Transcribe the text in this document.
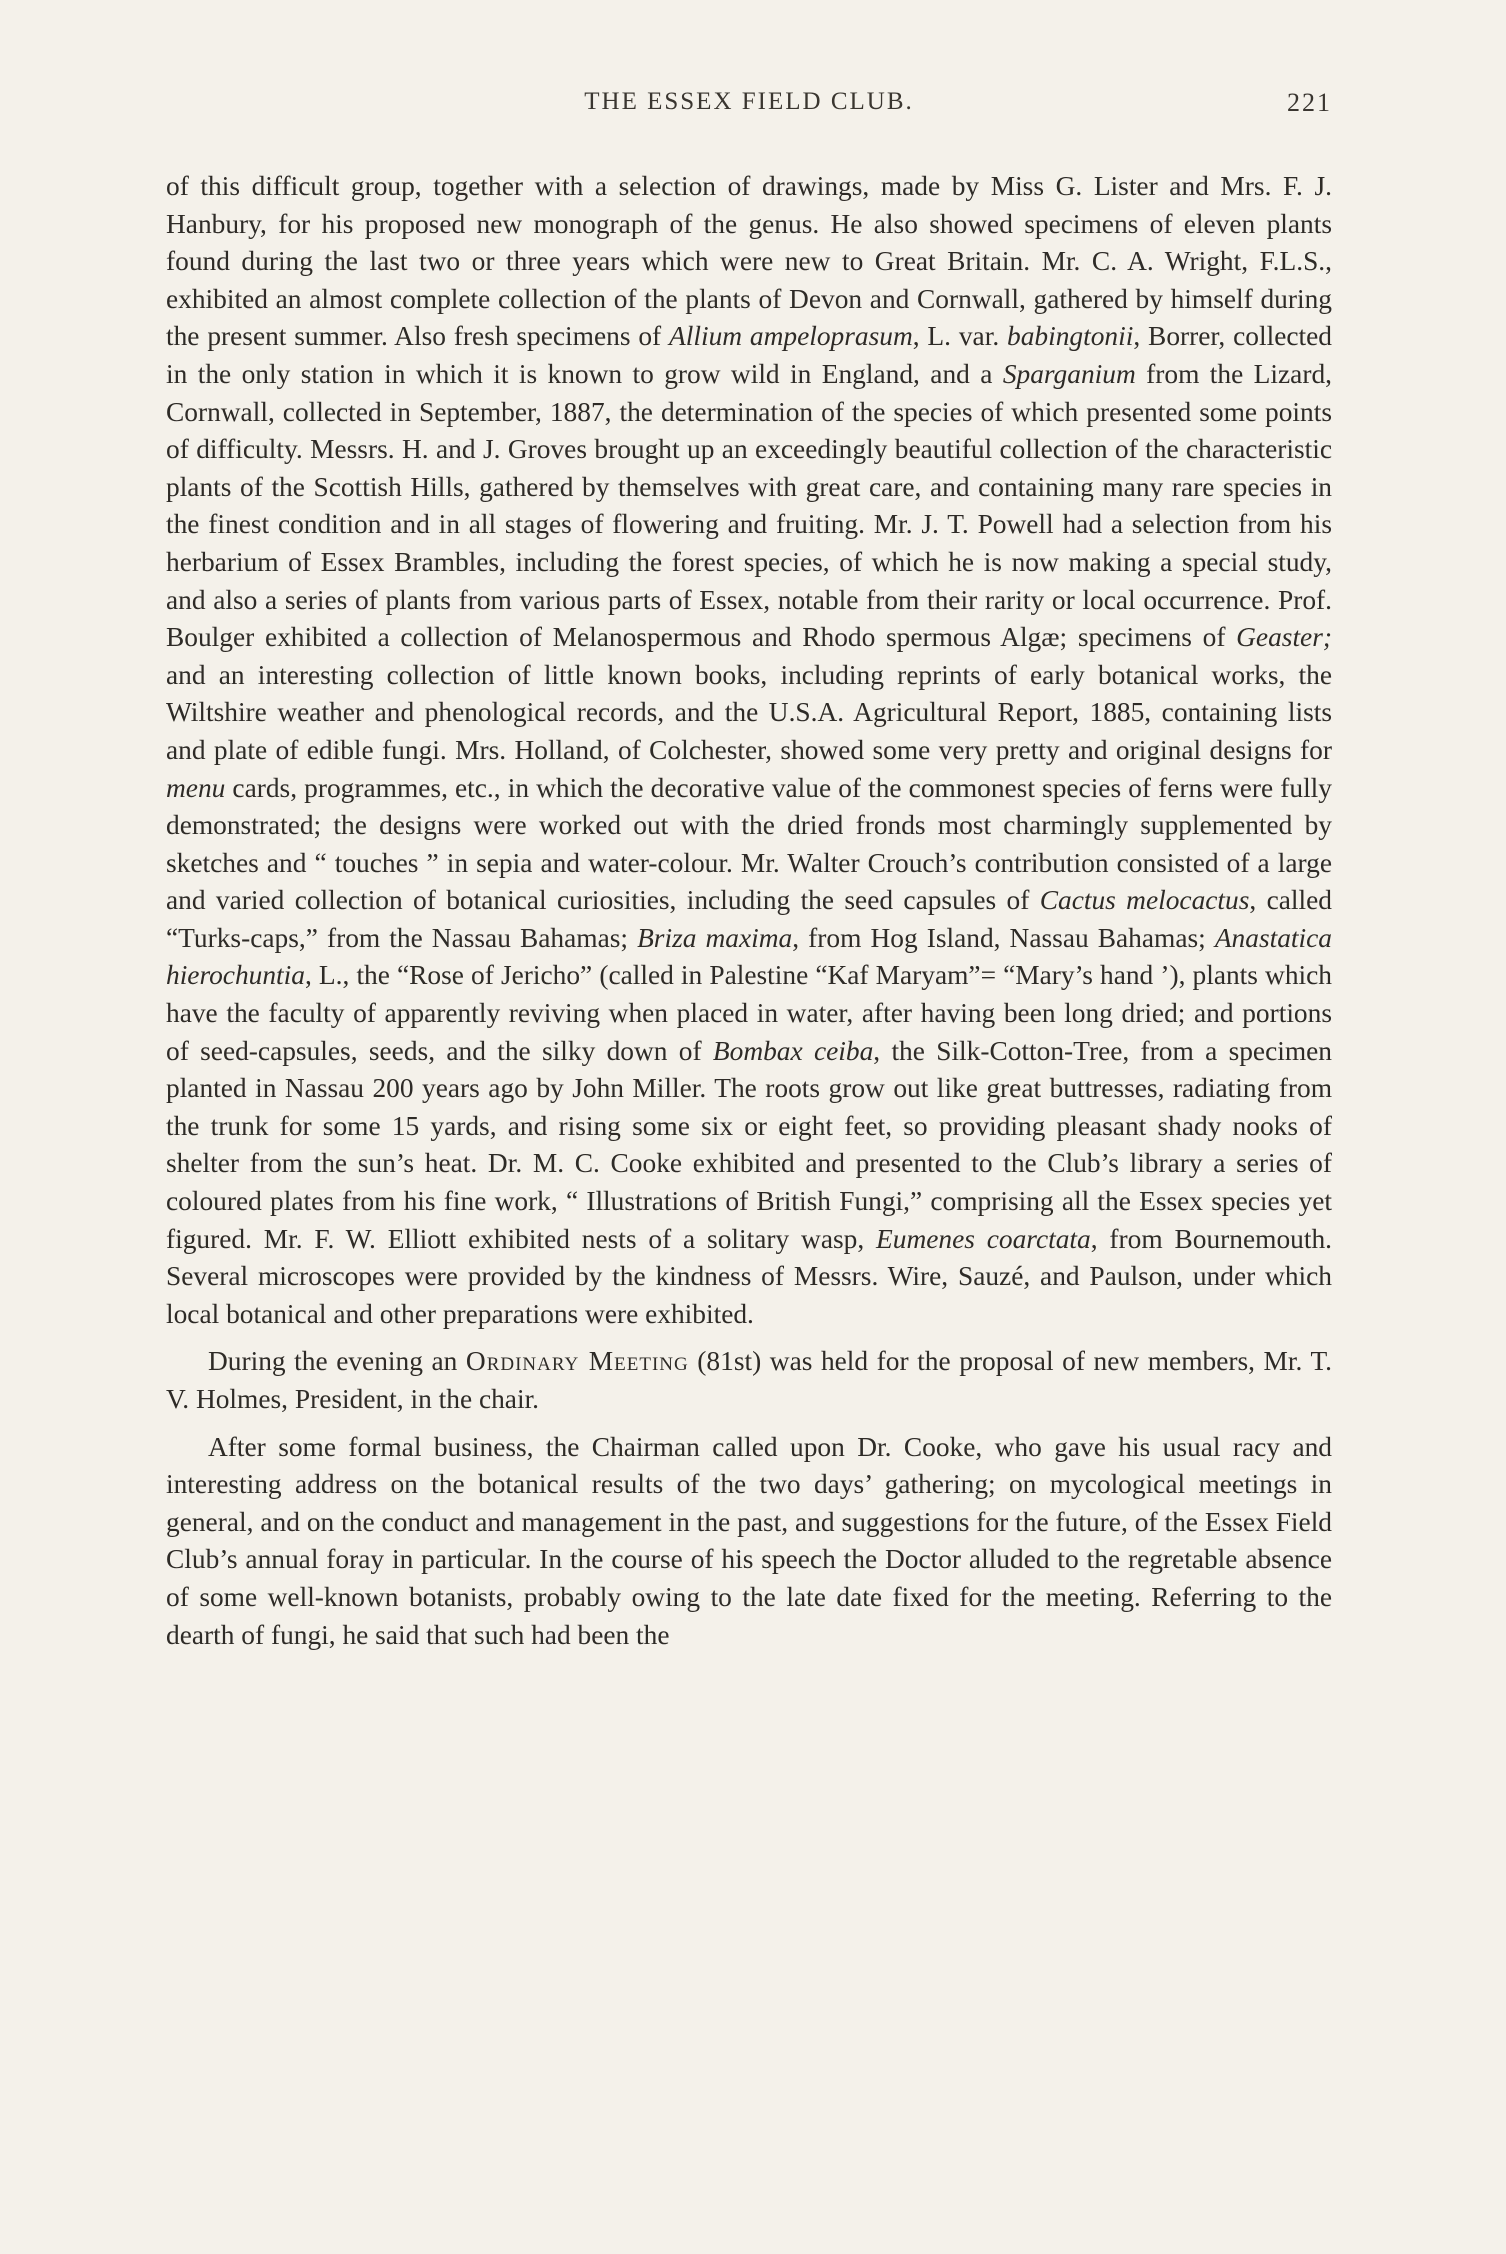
THE ESSEX FIELD CLUB.	221

of this difficult group, together with a selection of drawings, made by Miss G. Lister and Mrs. F. J. Hanbury, for his proposed new monograph of the genus. He also showed specimens of eleven plants found during the last two or three years which were new to Great Britain. Mr. C. A. Wright, F.L.S., exhibited an almost complete collection of the plants of Devon and Cornwall, gathered by himself during the present summer. Also fresh specimens of Allium ampeloprasum, L. var. babingtonii, Borrer, collected in the only station in which it is known to grow wild in England, and a Sparganium from the Lizard, Cornwall, collected in September, 1887, the determination of the species of which presented some points of difficulty. Messrs. H. and J. Groves brought up an exceedingly beautiful collection of the characteristic plants of the Scottish Hills, gathered by themselves with great care, and containing many rare species in the finest condition and in all stages of flowering and fruiting. Mr. J. T. Powell had a selection from his herbarium of Essex Brambles, including the forest species, of which he is now making a special study, and also a series of plants from various parts of Essex, notable from their rarity or local occurrence. Prof. Boulger exhibited a collection of Melanospermous and Rhodo spermous Algæ; specimens of Geaster; and an interesting collection of little known books, including reprints of early botanical works, the Wiltshire weather and phenological records, and the U.S.A. Agricultural Report, 1885, containing lists and plate of edible fungi. Mrs. Holland, of Colchester, showed some very pretty and original designs for menu cards, programmes, etc., in which the decorative value of the commonest species of ferns were fully demonstrated; the designs were worked out with the dried fronds most charmingly supplemented by sketches and “ touches ” in sepia and water-colour. Mr. Walter Crouch’s contribution consisted of a large and varied collection of botanical curiosities, including the seed capsules of Cactus melocactus, called “Turks-caps,” from the Nassau Bahamas; Briza maxima, from Hog Island, Nassau Bahamas; Anastatica hierochuntia, L., the “Rose of Jericho” (called in Palestine “Kaf Maryam”= “Mary’s hand ’), plants which have the faculty of apparently reviving when placed in water, after having been long dried; and portions of seed-capsules, seeds, and the silky down of Bombax ceiba, the Silk-Cotton-Tree, from a specimen planted in Nassau 200 years ago by John Miller. The roots grow out like great buttresses, radiating from the trunk for some 15 yards, and rising some six or eight feet, so providing pleasant shady nooks of shelter from the sun’s heat. Dr. M. C. Cooke exhibited and presented to the Club’s library a series of coloured plates from his fine work, “ Illustrations of British Fungi,” comprising all the Essex species yet figured. Mr. F. W. Elliott exhibited nests of a solitary wasp, Eumenes coarctata, from Bournemouth. Several microscopes were provided by the kindness of Messrs. Wire, Sauzé, and Paulson, under which local botanical and other preparations were exhibited.

During the evening an Ordinary Meeting (81st) was held for the proposal of new members, Mr. T. V. Holmes, President, in the chair.

After some formal business, the Chairman called upon Dr. Cooke, who gave his usual racy and interesting address on the botanical results of the two days’ gathering; on mycological meetings in general, and on the conduct and management in the past, and suggestions for the future, of the Essex Field Club’s annual foray in particular. In the course of his speech the Doctor alluded to the regretable absence of some well-known botanists, probably owing to the late date fixed for the meeting. Referring to the dearth of fungi, he said that such had been the
